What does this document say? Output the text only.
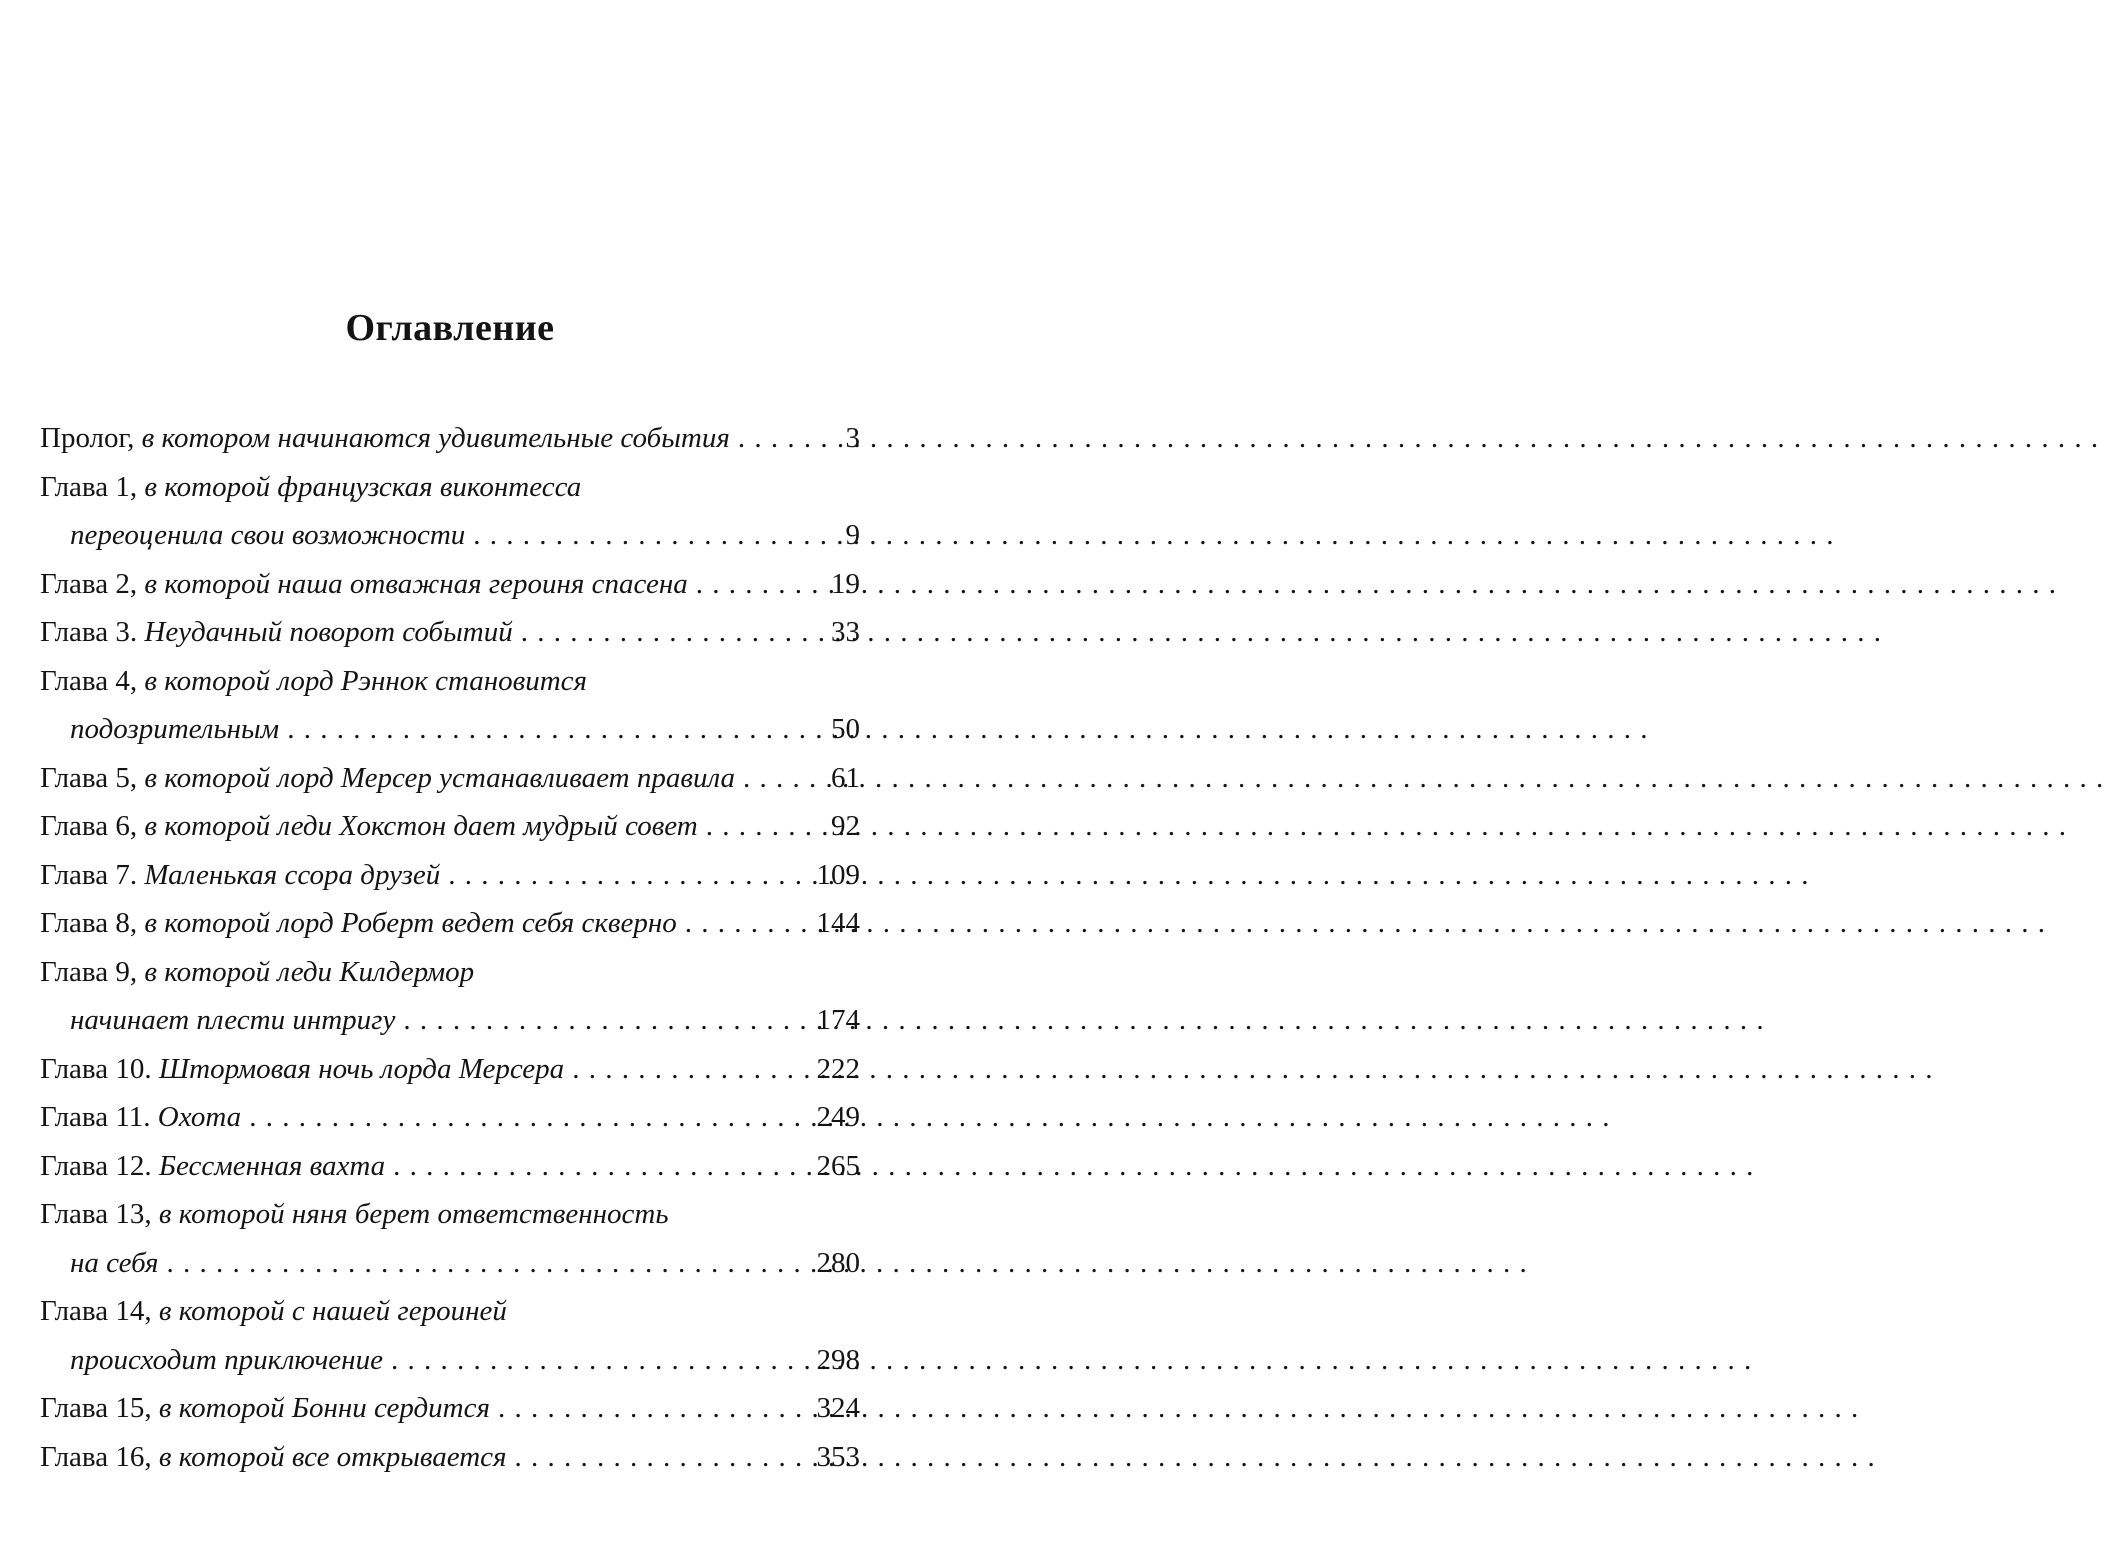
Оглавление
Пролог, в котором начинаются удивительные события . . .	3
Глава 1, в которой французская виконтесса
переоценила свои возможности . . .	9
Глава 2, в которой наша отважная героиня спасена . . .	19
Глава 3. Неудачный поворот событий . . .	33
Глава 4, в которой лорд Рэннок становится
подозрительным . . .	50
Глава 5, в которой лорд Мерсер устанавливает правила . . .	61
Глава 6, в которой леди Хокстон дает мудрый совет . . .	92
Глава 7. Маленькая ссора друзей . . .	109
Глава 8, в которой лорд Роберт ведет себя скверно . . .	144
Глава 9, в которой леди Килдермор
начинает плести интригу . . .	174
Глава 10. Штормовая ночь лорда Мерсера . . .	222
Глава 11. Охота . . .	249
Глава 12. Бессменная вахта . . .	265
Глава 13, в которой няня берет ответственность
на себя . . .	280
Глава 14, в которой с нашей героиней
происходит приключение . . .	298
Глава 15, в которой Бонни сердится . . .	324
Глава 16, в которой все открывается . . .	353
